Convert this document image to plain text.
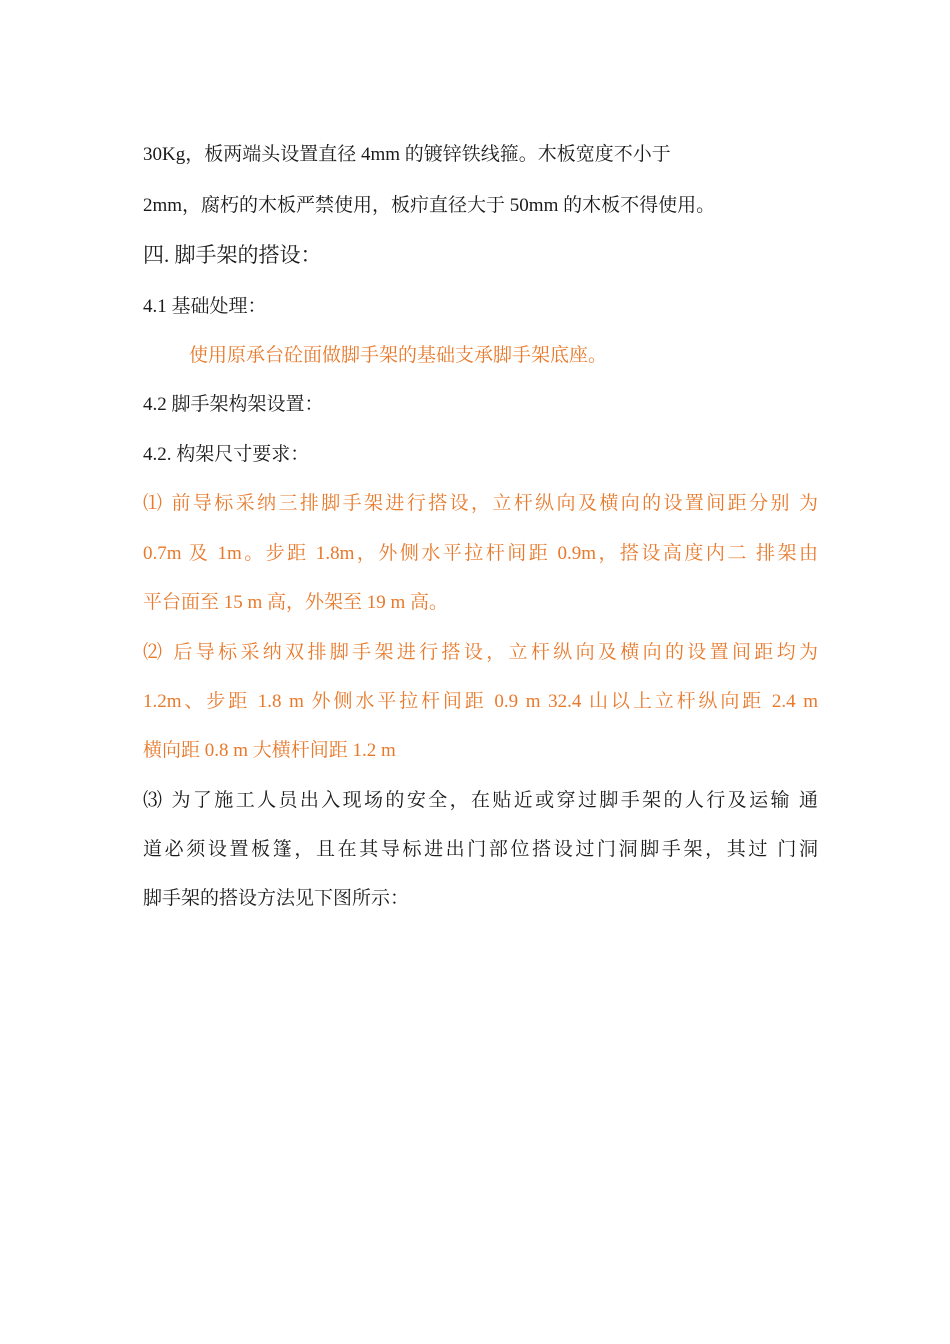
30Kg，板两端头设置直径 4mm 的镀锌铁线箍。木板宽度不小于
2mm，腐朽的木板严禁使用，板疖直径大于 50mm 的木板不得使用。
四. 脚手架的搭设：
4.1 基础处理：
使用原承台砼面做脚手架的基础支承脚手架底座。
4.2 脚手架构架设置：
4.2. 构架尺寸要求：
⑴ 前导标采纳三排脚手架进行搭设，立杆纵向及横向的设置间距分别 为
0.7m 及 1m。步距 1.8m，外侧水平拉杆间距 0.9m，搭设高度内二 排架由
平台面至 15 m 高，外架至 19 m 高。
⑵ 后导标采纳双排脚手架进行搭设，立杆纵向及横向的设置间距均为
1.2m、步距 1.8 m 外侧水平拉杆间距 0.9 m 32.4 山以上立杆纵向距 2.4 m
横向距 0.8 m 大横杆间距 1.2 m
⑶ 为了施工人员出入现场的安全，在贴近或穿过脚手架的人行及运输 通
道必须设置板篷，且在其导标进出门部位搭设过门洞脚手架，其过 门洞
脚手架的搭设方法见下图所示：
